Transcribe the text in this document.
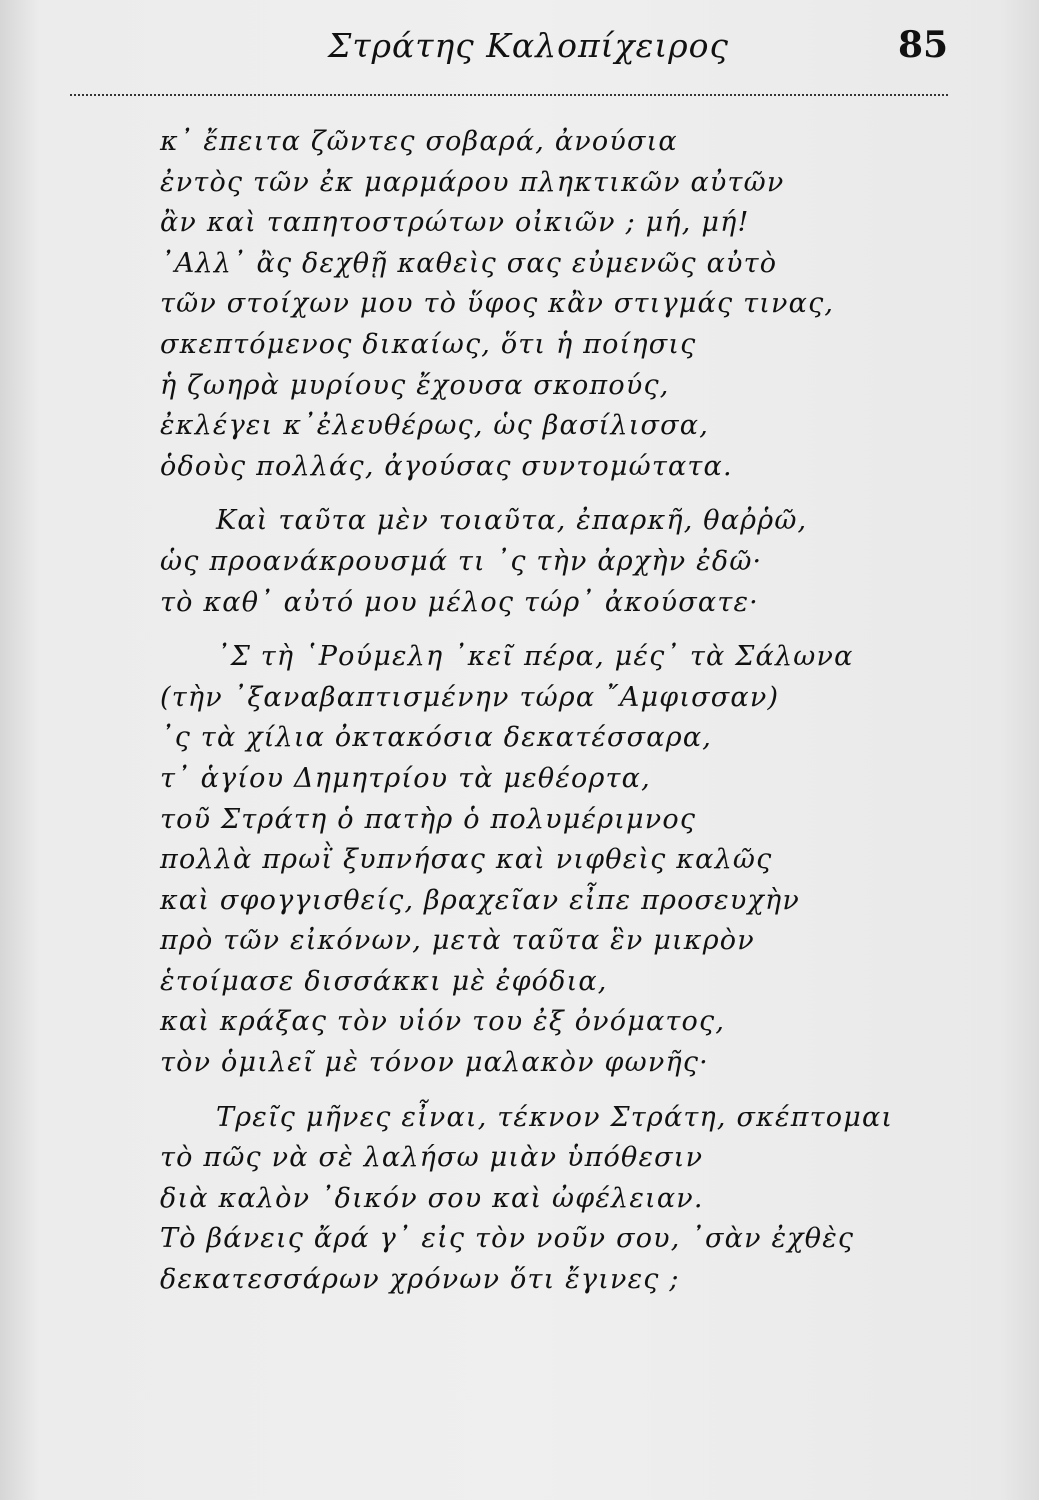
Στράτης Καλοπίχειρος	85
κ᾿ ἔπειτα ζῶντες σοβαρά, ἀνούσια
ἐντὸς τῶν ἐκ μαρμάρου πληκτικῶν αὐτῶν
ἂν καὶ ταπητοστρώτων οἰκιῶν ; μή, μή!
᾿Αλλ᾿ ἂς δεχθῇ καθεὶς σας εὐμενῶς αὐτὸ
τῶν στοίχων μου τὸ ὕφος κἂν στιγμάς τινας,
σκεπτόμενος δικαίως, ὅτι ἡ ποίησις
ἡ ζωηρὰ μυρίους ἔχουσα σκοπούς,
ἐκλέγει κ᾿ἐλευθέρως, ὡς βασίλισσα,
ὁδοὺς πολλάς, ἀγούσας συντομώτατα.
Καὶ ταῦτα μὲν τοιαῦτα, ἐπαρκῆ, θαῤῥῶ,
ὡς προανάκρουσμά τι ᾿ς τὴν ἀρχὴν ἐδῶ·
τὸ καθ᾿ αὐτό μου μέλος τώρ᾿ ἀκούσατε·
᾿Σ τὴ ῾Ρούμελη ᾿κεῖ πέρα, μές᾿ τὰ Σάλωνα
(τὴν ᾿ξαναβαπτισμένην τώρα ῎Αμφισσαν)
᾿ς τὰ χίλια ὀκτακόσια δεκατέσσαρα,
τ᾿ ἁγίου Δημητρίου τὰ μεθέορτα,
τοῦ Στράτη ὁ πατὴρ ὁ πολυμέριμνος
πολλὰ πρωῒ ξυπνήσας καὶ νιφθεὶς καλῶς
καὶ σφογγισθείς, βραχεῖαν εἶπε προσευχὴν
πρὸ τῶν εἰκόνων, μετὰ ταῦτα ἓν μικρὸν
ἑτοίμασε δισσάκκι μὲ ἐφόδια,
καὶ κράξας τὸν υἱόν του ἐξ ὀνόματος,
τὸν ὁμιλεῖ μὲ τόνον μαλακὸν φωνῆς·
Τρεῖς μῆνες εἶναι, τέκνον Στράτη, σκέπτομαι
τὸ πῶς νὰ σὲ λαλήσω μιὰν ὑπόθεσιν
διὰ καλὸν ᾿δικόν σου καὶ ὠφέλειαν.
Τὸ βάνεις ἄρά γ᾿ εἰς τὸν νοῦν σου, ᾿σὰν ἐχθὲς
δεκατεσσάρων χρόνων ὅτι ἔγινες ;
